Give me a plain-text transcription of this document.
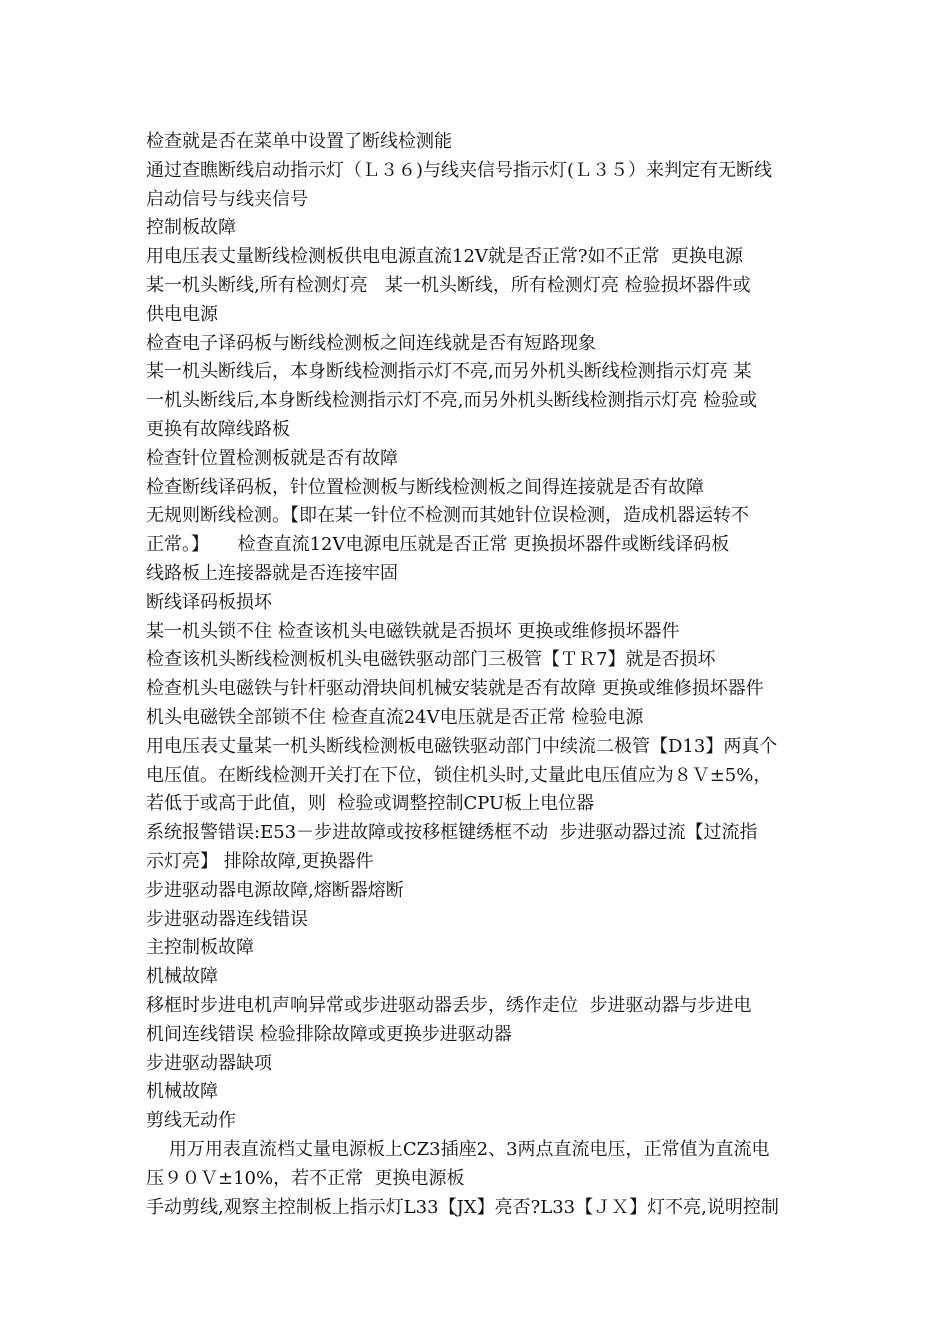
检查就是否在菜单中设置了断线检测能
通过查瞧断线启动指示灯（Ｌ３６)与线夹信号指示灯(Ｌ３５）来判定有无断线
启动信号与线夹信号
控制板故障
用电压表丈量断线检测板供电电源直流12V就是否正常?如不正常  更换电源
某一机头断线,所有检测灯亮   某一机头断线，所有检测灯亮 检验损坏器件或
供电电源
检查电子译码板与断线检测板之间连线就是否有短路现象
某一机头断线后，本身断线检测指示灯不亮,而另外机头断线检测指示灯亮 某
一机头断线后,本身断线检测指示灯不亮,而另外机头断线检测指示灯亮 检验或
更换有故障线路板
检查针位置检测板就是否有故障
检查断线译码板，针位置检测板与断线检测板之间得连接就是否有故障
无规则断线检测。【即在某一针位不检测而其她针位误检测，造成机器运转不
正常。】     检查直流12V电源电压就是否正常 更换损坏器件或断线译码板
线路板上连接器就是否连接牢固
断线译码板损坏
某一机头锁不住 检查该机头电磁铁就是否损坏 更换或维修损坏器件
检查该机头断线检测板机头电磁铁驱动部门三极管【ＴＲ7】就是否损坏
检查机头电磁铁与针杆驱动滑块间机械安装就是否有故障 更换或维修损坏器件
机头电磁铁全部锁不住 检查直流24V电压就是否正常 检验电源
用电压表丈量某一机头断线检测板电磁铁驱动部门中续流二极管【D13】两真个
电压值。在断线检测开关打在下位，锁住机头时,丈量此电压值应为８Ｖ±5%，
若低于或高于此值，则  检验或调整控制CPU板上电位器
系统报警错误:E53－步进故障或按移框键绣框不动  步进驱动器过流【过流指
示灯亮】 排除故障,更换器件
步进驱动器电源故障,熔断器熔断
步进驱动器连线错误
主控制板故障
机械故障
移框时步进电机声响异常或步进驱动器丢步，绣作走位  步进驱动器与步进电
机间连线错误 检验排除故障或更换步进驱动器
步进驱动器缺项
机械故障
剪线无动作
用万用表直流档丈量电源板上CZ3插座2、3两点直流电压，正常值为直流电
压９０Ｖ±10%，若不正常  更换电源板
手动剪线,观察主控制板上指示灯L33【JX】亮否?L33【ＪＸ】灯不亮,说明控制
